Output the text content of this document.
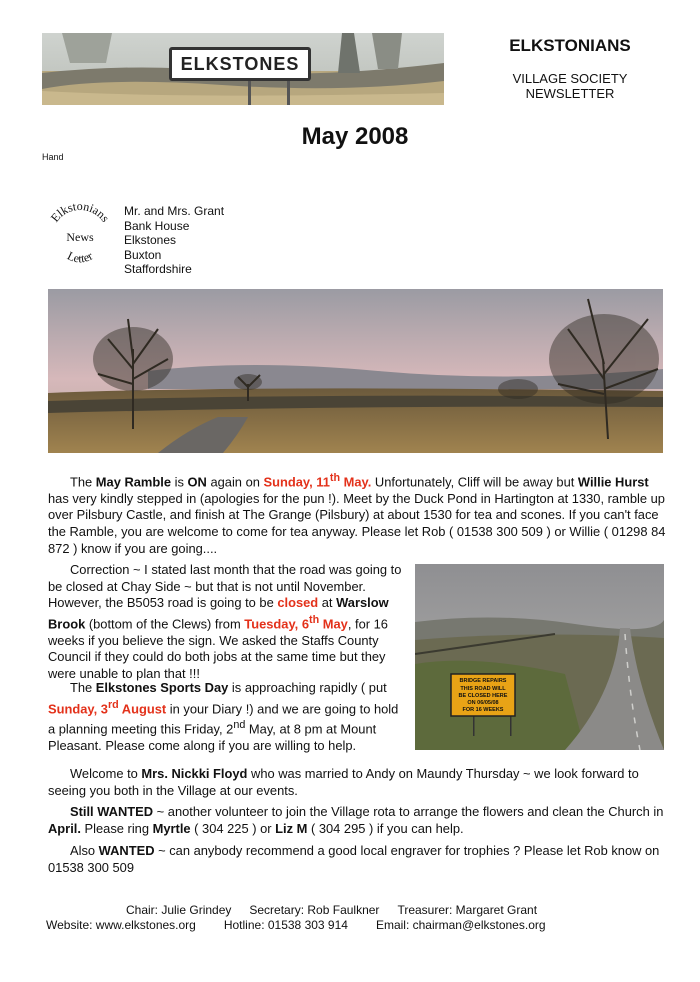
ELKSTONES
ELKSTONIANS
VILLAGE SOCIETY
NEWSLETTER
May 2008
Hand
Elkstonians
News
Letter
Mr. and Mrs. Grant
Bank House
Elkstones
Buxton
Staffordshire
The May Ramble is ON again on Sunday, 11th May. Unfortunately, Cliff will be away but Willie Hurst has very kindly stepped in (apologies for the pun !). Meet by the Duck Pond in Hartington at 1330, ramble up over Pilsbury Castle, and finish at The Grange (Pilsbury) at about 1530 for tea and scones. If you can't face the Ramble, you are welcome to come for tea anyway. Please let Rob ( 01538 300 509 ) or Willie ( 01298 84 872 ) know if you are going....
Correction ~ I stated last month that the road was going to be closed at Chay Side ~ but that is not until November. However, the B5053 road is going to be closed at Warslow Brook (bottom of the Clews) from Tuesday, 6th May, for 16 weeks if you believe the sign. We asked the Staffs County Council if they could do both jobs at the same time but they were unable to plan that !!!
BRIDGE REPAIRS
THIS ROAD WILL
BE CLOSED HERE
ON 06/05/08
FOR 16 WEEKS
The Elkstones Sports Day is approaching rapidly ( put Sunday, 3rd August in your Diary !) and we are going to hold a planning meeting this Friday, 2nd May, at 8 pm at Mount Pleasant. Please come along if you are willing to help.
Welcome to Mrs. Nickki Floyd who was married to Andy on Maundy Thursday ~ we look forward to seeing you both in the Village at our events.
Still WANTED ~ another volunteer to join the Village rota to arrange the flowers and clean the Church in April. Please ring Myrtle ( 304 225 ) or Liz M ( 304 295 ) if you can help.
Also WANTED ~ can anybody recommend a good local engraver for trophies ? Please let Rob know on 01538 300 509
Chair: Julie Grindey Secretary: Rob Faulkner Treasurer: Margaret Grant
Website: www.elkstones.org Hotline: 01538 303 914 Email: chairman@elkstones.org
